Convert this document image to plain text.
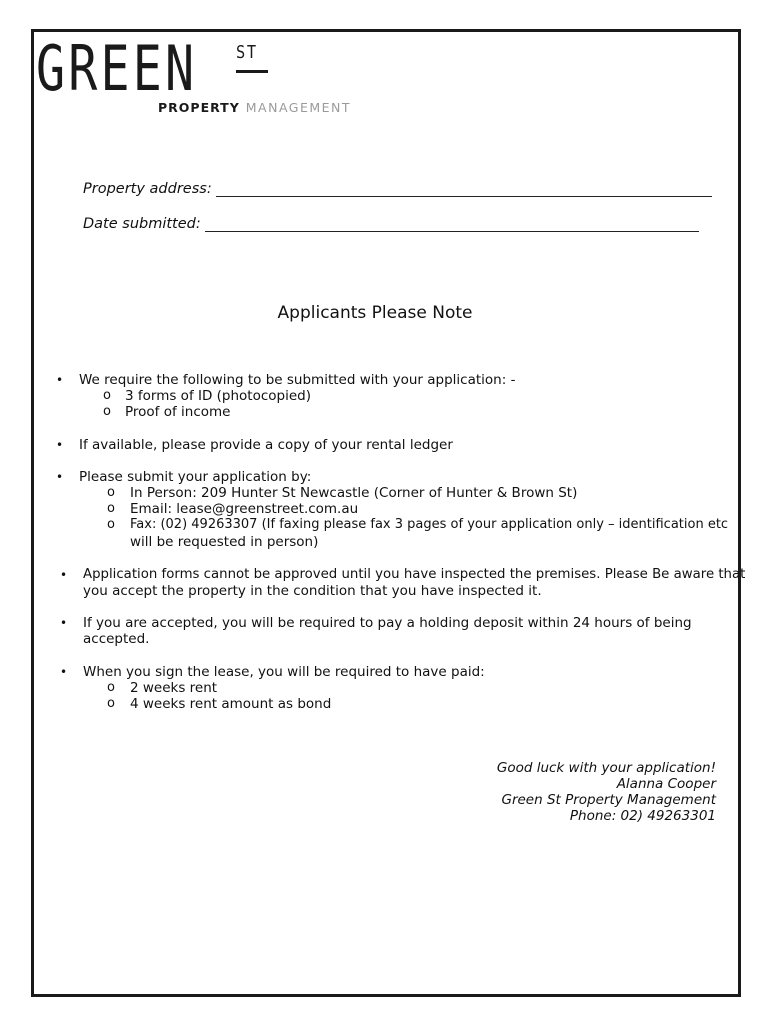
GREEN ST
PROPERTY MANAGEMENT
Property address:
Date submitted:
Applicants Please Note
• We require the following to be submitted with your application: -
o 3 forms of ID (photocopied)
o Proof of income
• If available, please provide a copy of your rental ledger
• Please submit your application by:
o In Person: 209 Hunter St Newcastle (Corner of Hunter & Brown St)
o Email: lease@greenstreet.com.au
o Fax: (02) 49263307 (If faxing please fax 3 pages of your application only – identification etc
will be requested in person)
• Application forms cannot be approved until you have inspected the premises. Please Be aware that
you accept the property in the condition that you have inspected it.
• If you are accepted, you will be required to pay a holding deposit within 24 hours of being
accepted.
• When you sign the lease, you will be required to have paid:
o 2 weeks rent
o 4 weeks rent amount as bond
Good luck with your application!
Alanna Cooper
Green St Property Management
Phone: 02) 49263301
